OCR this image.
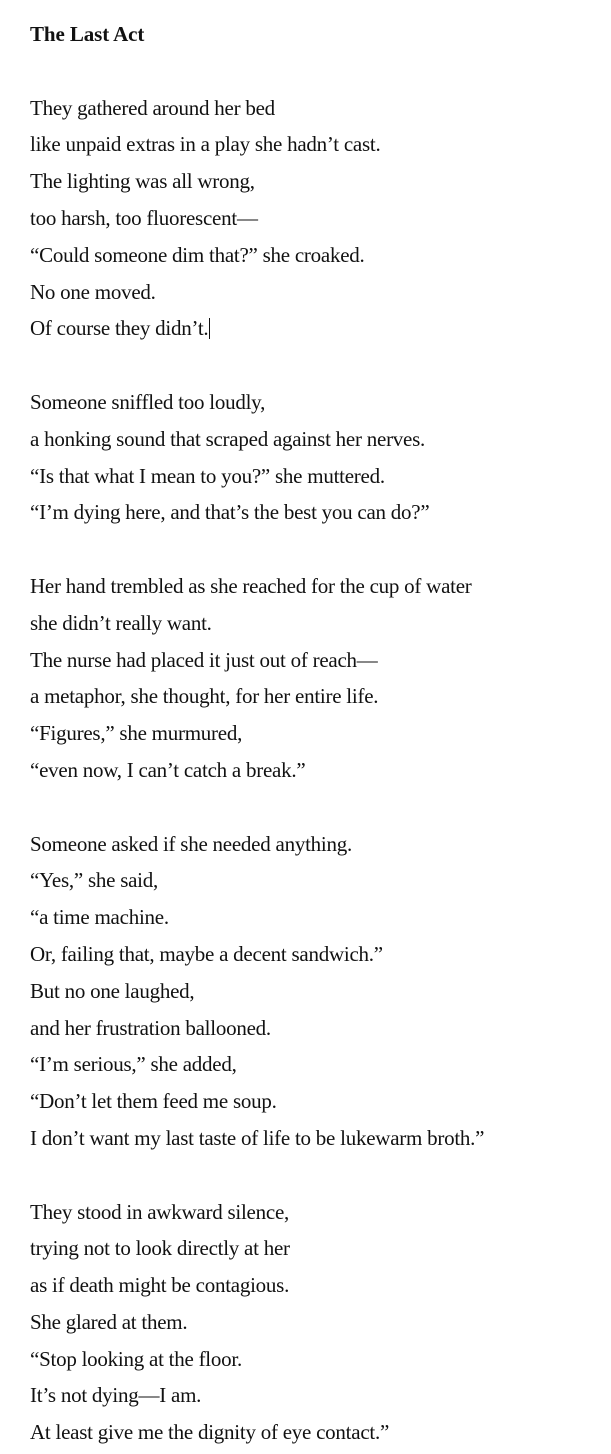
The Last Act
They gathered around her bed
like unpaid extras in a play she hadn’t cast.
The lighting was all wrong,
too harsh, too fluorescent—
“Could someone dim that?” she croaked.
No one moved.
Of course they didn’t.
Someone sniffled too loudly,
a honking sound that scraped against her nerves.
“Is that what I mean to you?” she muttered.
“I’m dying here, and that’s the best you can do?”
Her hand trembled as she reached for the cup of water
she didn’t really want.
The nurse had placed it just out of reach—
a metaphor, she thought, for her entire life.
“Figures,” she murmured,
“even now, I can’t catch a break.”
Someone asked if she needed anything.
“Yes,” she said,
“a time machine.
Or, failing that, maybe a decent sandwich.”
But no one laughed,
and her frustration ballooned.
“I’m serious,” she added,
“Don’t let them feed me soup.
I don’t want my last taste of life to be lukewarm broth.”
They stood in awkward silence,
trying not to look directly at her
as if death might be contagious.
She glared at them.
“Stop looking at the floor.
It’s not dying—I am.
At least give me the dignity of eye contact.”
